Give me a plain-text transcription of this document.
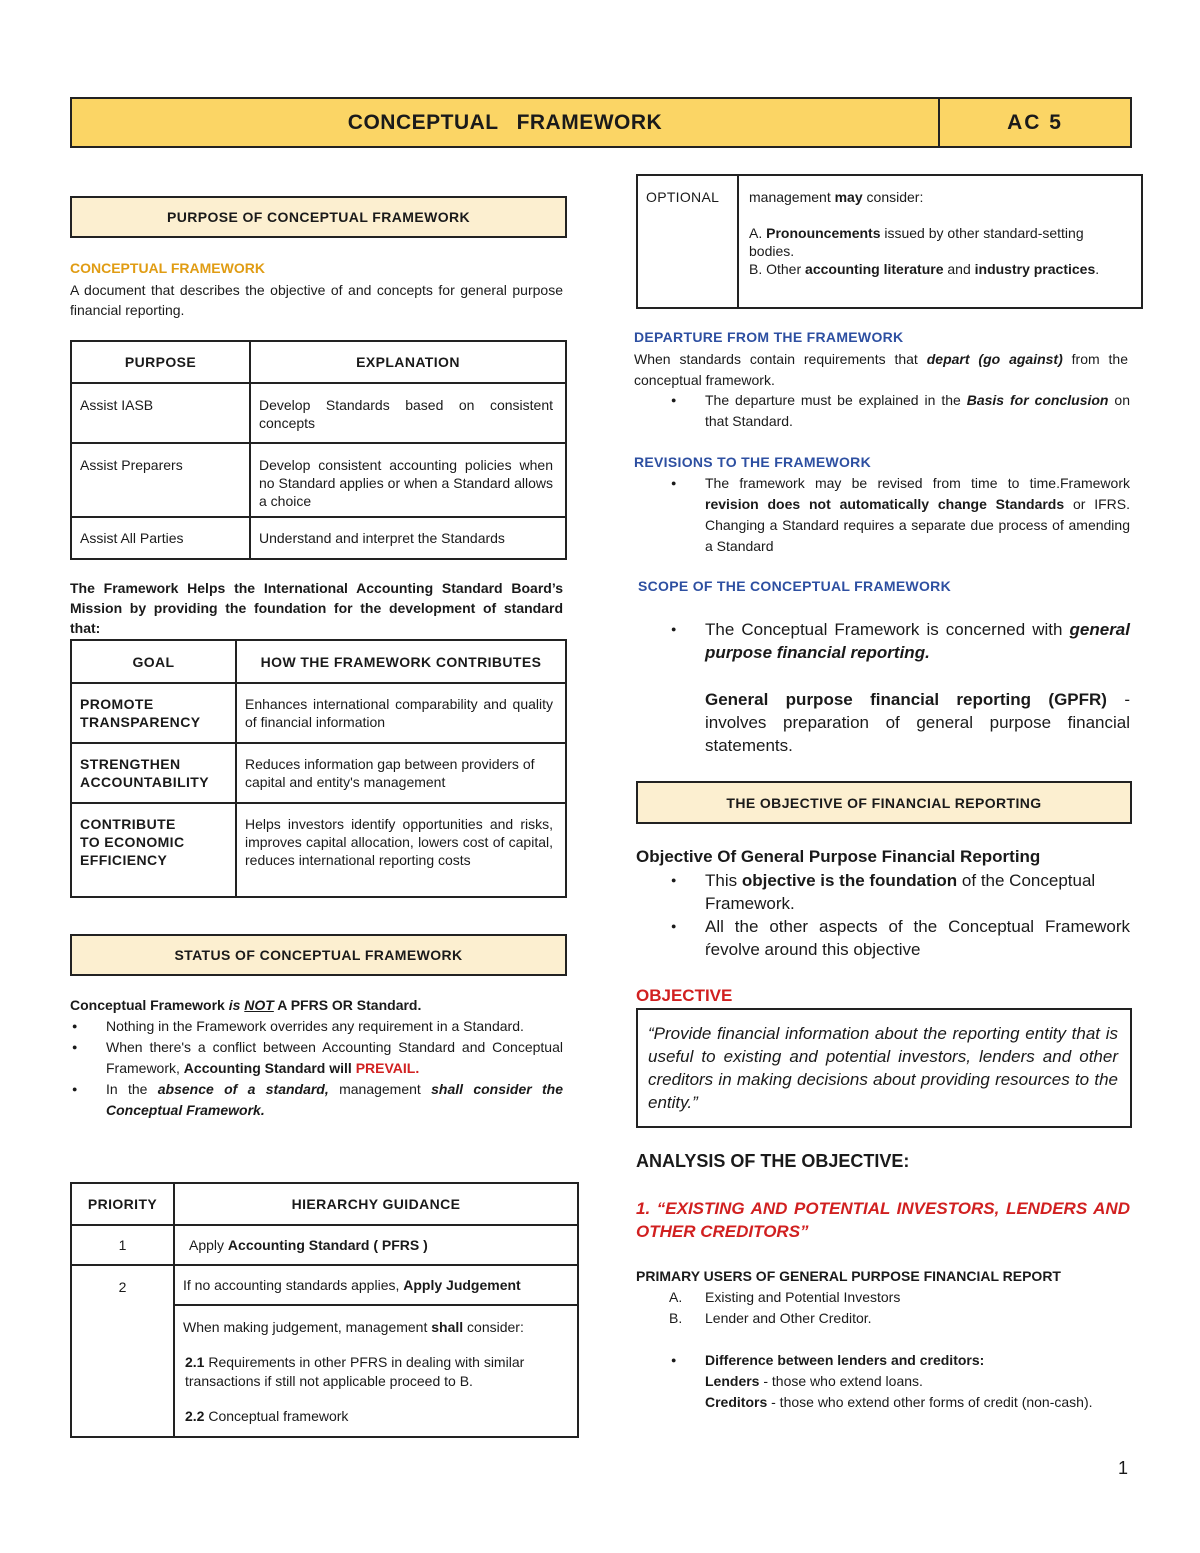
CONCEPTUAL FRAMEWORK	AC 5
PURPOSE OF CONCEPTUAL FRAMEWORK
CONCEPTUAL FRAMEWORK

A document that describes the objective of and concepts for general purpose financial reporting.

PURPOSE	EXPLANATION
Assist IASB	Develop Standards based on consistent concepts
Assist Preparers	Develop consistent accounting policies when no Standard applies or when a Standard allows a choice
Assist All Parties	Understand and interpret the Standards

The Framework Helps the International Accounting Standard Board’s Mission by providing the foundation for the development of standard that:

GOAL	HOW THE FRAMEWORK CONTRIBUTES
PROMOTE TRANSPARENCY	Enhances international comparability and quality of financial information
STRENGTHEN ACCOUNTABILITY	Reduces information gap between providers of capital and entity's management
CONTRIBUTE TO ECONOMIC EFFICIENCY	Helps investors identify opportunities and risks, improves capital allocation, lowers cost of capital, reduces international reporting costs
STATUS OF CONCEPTUAL FRAMEWORK

Conceptual Framework is NOT A PFRS OR Standard.

● Nothing in the Framework overrides any requirement in a Standard.
● When there's a conflict between Accounting Standard and Conceptual Framework, Accounting Standard will PREVAIL.
● In the absence of a standard, management shall consider the Conceptual Framework.
PRIORITY	HIERARCHY GUIDANCE
1	Apply Accounting Standard ( PFRS )
2	If no accounting standards applies, Apply Judgement

	When making judgement, management shall consider:

2.1 Requirements in other PFRS in dealing with similar transactions if still not applicable proceed to B.

2.2 Conceptual framework

OPTIONAL	management may consider:

A. Pronouncements issued by other standard-setting bodies.

B. Other accounting literature and industry practices.

DEPARTURE FROM THE FRAMEWORK

When standards contain requirements that depart (go against) from the conceptual framework.

● The departure must be explained in the Basis for conclusion on that Standard.
REVISIONS TO THE FRAMEWORK
● The framework may be revised from time to time.Framework revision does not automatically change Standards or IFRS. Changing a Standard requires a separate due process of amending a Standard
SCOPE OF THE CONCEPTUAL FRAMEWORK
● The Conceptual Framework is concerned with general purpose financial reporting.

General purpose financial reporting (GPFR) - involves preparation of general purpose financial statements.

THE OBJECTIVE OF FINANCIAL REPORTING

Objective Of General Purpose Financial Reporting

● This objective is the foundation of the Conceptual Framework.
● All the other aspects of the Conceptual Framework ŕevolve around this objective

OBJECTIVE

“Provide financial information about the reporting entity that is useful to existing and potential investors, lenders and other creditors in making decisions about providing resources to the entity.”

ANALYSIS OF THE OBJECTIVE:

1. “EXISTING AND POTENTIAL INVESTORS, LENDERS AND OTHER CREDITORS”

PRIMARY USERS OF GENERAL PURPOSE FINANCIAL REPORT

A. Existing and Potential Investors
B. Lender and Other Creditor.
● Difference between lenders and creditors:
Lenders - those who extend loans.

Creditors - those who extend other forms of credit (non-cash).

1
